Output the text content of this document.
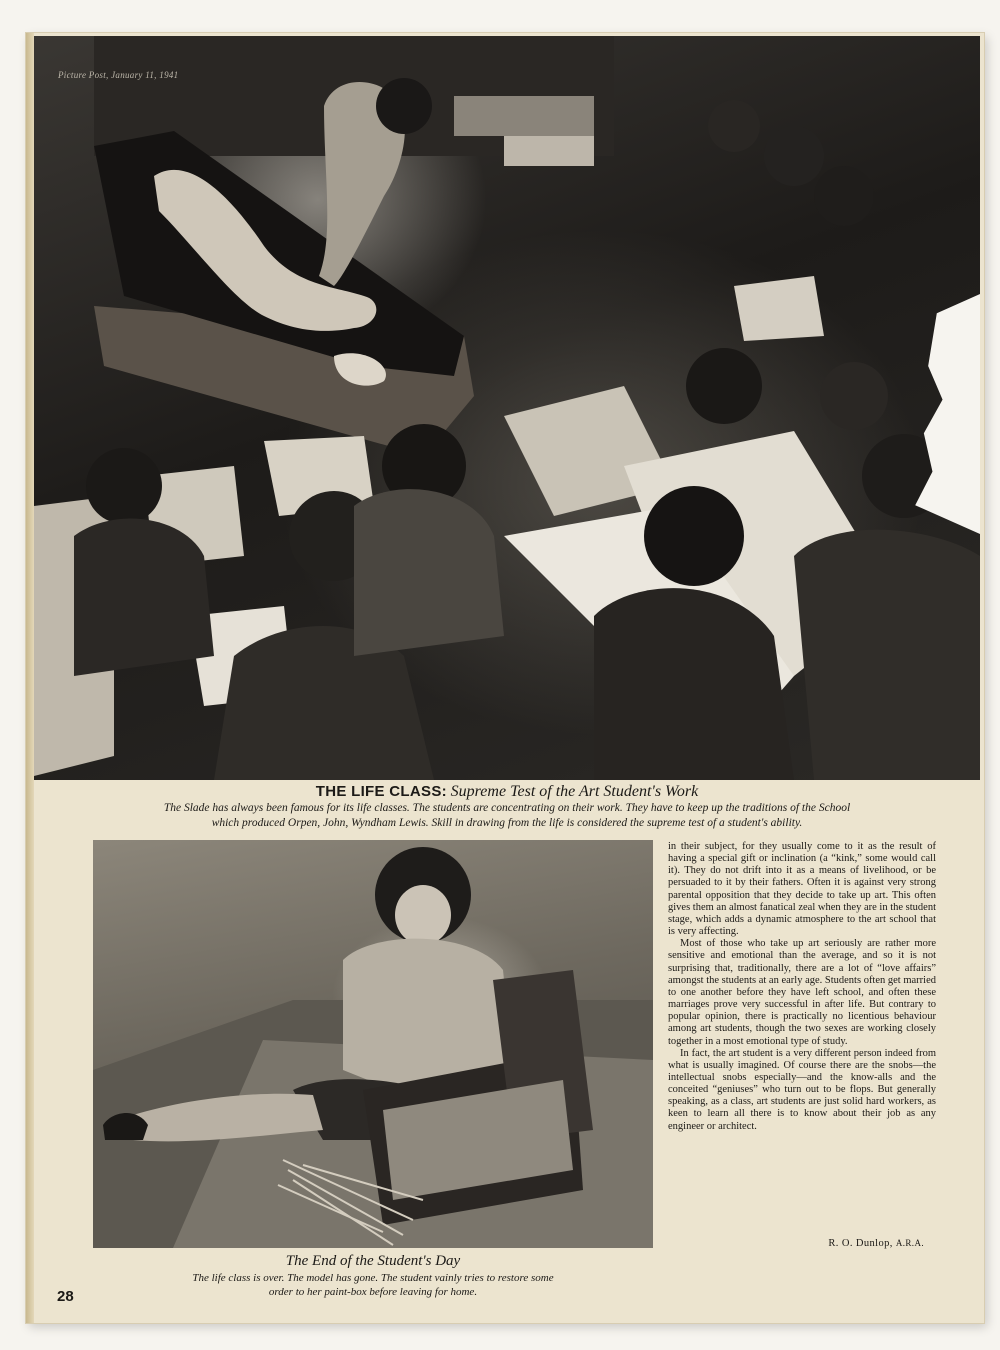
Picture Post, January 11, 1941
THE LIFE CLASS: Supreme Test of the Art Student's Work
The Slade has always been famous for its life classes. The students are concentrating on their work. They have to keep up the traditions of the School
which produced Orpen, John, Wyndham Lewis. Skill in drawing from the life is considered the supreme test of a student's ability.
The End of the Student's Day
The life class is over. The model has gone. The student vainly tries to restore some
order to her paint-box before leaving for home.

in their subject, for they usually come to it as the result of having a special gift or inclination (a “kink,” some would call it). They do not drift into it as a means of livelihood, or be persuaded to it by their fathers. Often it is against very strong parental opposition that they decide to take up art. This often gives them an almost fanatical zeal when they are in the student stage, which adds a dynamic atmosphere to the art school that is very affecting.

Most of those who take up art seriously are rather more sensitive and emotional than the average, and so it is not surprising that, traditionally, there are a lot of “love affairs” amongst the students at an early age. Students often get married to one another before they have left school, and often these marriages prove very successful in after life. But contrary to popular opinion, there is practically no licentious behaviour among art students, though the two sexes are working closely together in a most emotional type of study.

In fact, the art student is a very different person indeed from what is usually imagined. Of course there are the snobs—the intellectual snobs especially—and the know-alls and the conceited “geniuses” who turn out to be flops. But generally speaking, as a class, art students are just solid hard workers, as keen to learn all there is to know about their job as any engineer or architect.

R. O. Dunlop, A.R.A.
28
